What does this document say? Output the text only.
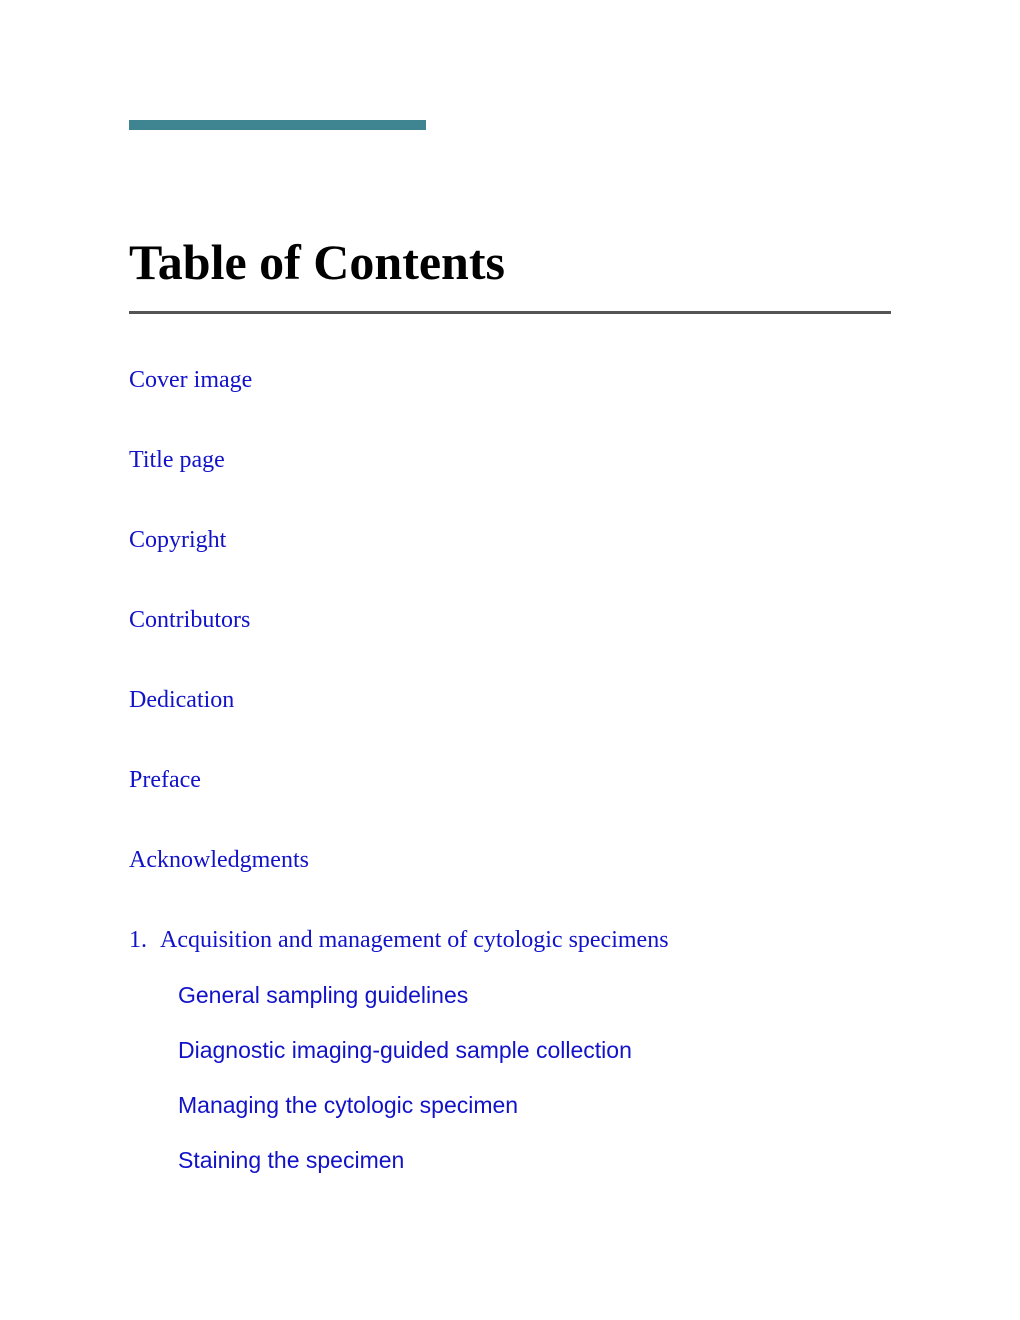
Table of Contents
Cover image
Title page
Copyright
Contributors
Dedication
Preface
Acknowledgments
1. Acquisition and management of cytologic specimens
General sampling guidelines
Diagnostic imaging-guided sample collection
Managing the cytologic specimen
Staining the specimen
